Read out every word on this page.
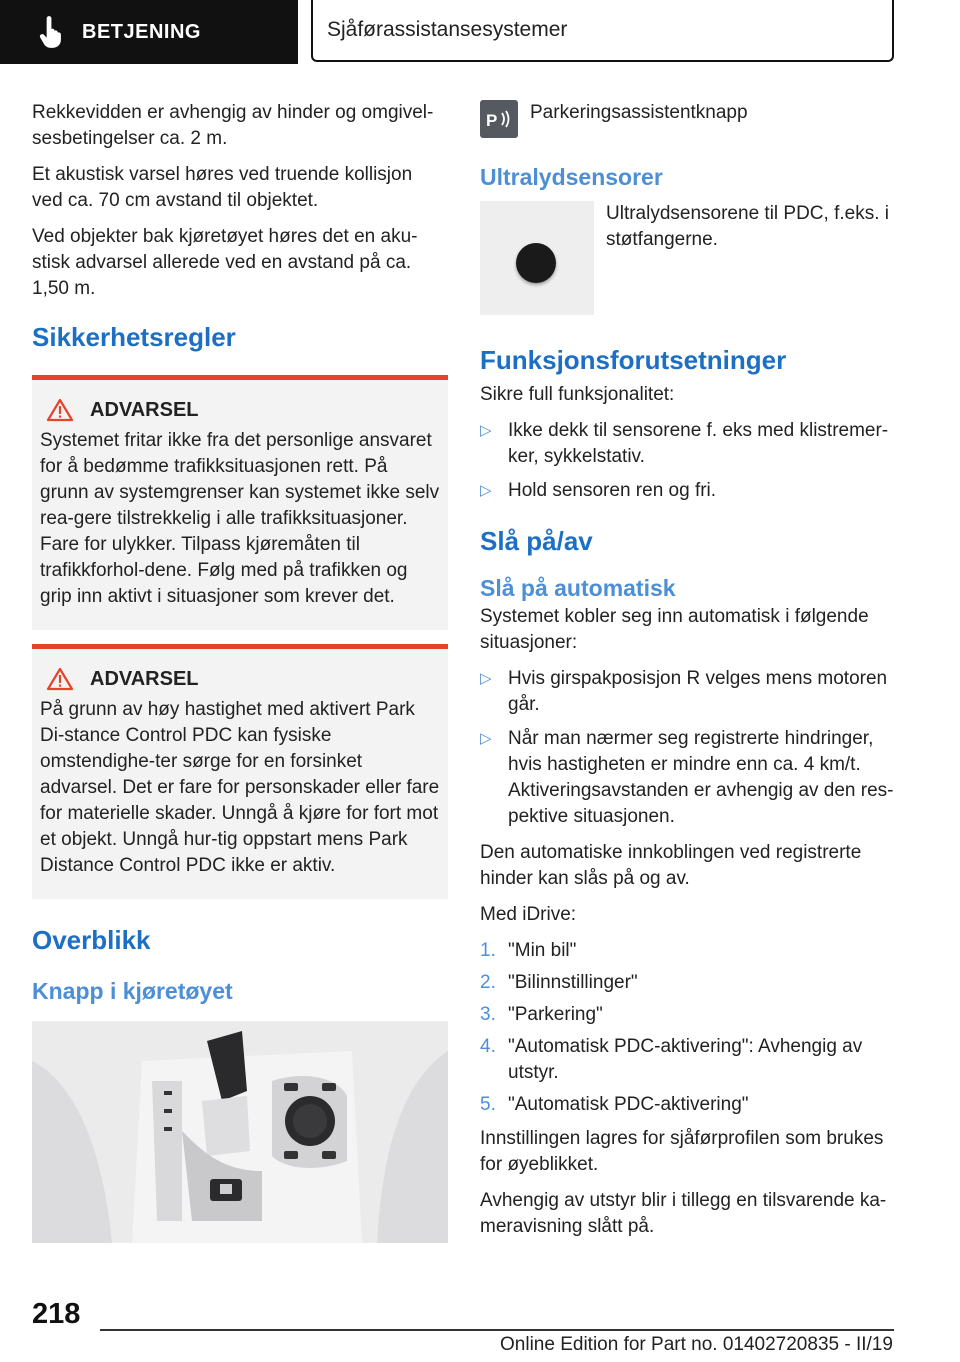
BETJENING	Sjåførassistansesystemer

Rekkevidden er avhengig av hinder og omgivel-sesbetingelser ca. 2 m.

Et akustisk varsel høres ved truende kollisjon ved ca. 70 cm avstand til objektet.

Ved objekter bak kjøretøyet høres det en aku-stisk advarsel allerede ved en avstand på ca. 1,50 m.

Sikkerhetsregler
ADVARSEL

Systemet fritar ikke fra det personlige ansvaret for å bedømme trafikksituasjonen rett. På grunn av systemgrenser kan systemet ikke selv rea-gere tilstrekkelig i alle trafikksituasjoner. Fare for ulykker. Tilpass kjøremåten til trafikkforhol-dene. Følg med på trafikken og grip inn aktivt i situasjoner som krever det.

ADVARSEL

På grunn av høy hastighet med aktivert Park Di-stance Control PDC kan fysiske omstendighe-ter sørge for en forsinket advarsel. Det er fare for personskader eller fare for materielle skader. Unngå å kjøre for fort mot et objekt. Unngå hur-tig oppstart mens Park Distance Control PDC ikke er aktiv.

Overblikk
Knapp i kjøretøyet
P Parkeringsassistentknapp
Ultralydsensorer
Ultralydsensorene til PDC, f.eks. i støtfangerne.
Funksjonsforutsetninger

Sikre full funksjonalitet:

▷ Ikke dekk til sensorene f. eks med klistremer-ker, sykkelstativ.
▷ Hold sensoren ren og fri.
Slå på/av
Slå på automatisk

Systemet kobler seg inn automatisk i følgende situasjoner:

▷ Hvis girspakposisjon R velges mens motoren går.
▷ Når man nærmer seg registrerte hindringer, hvis hastigheten er mindre enn ca. 4 km/t. Aktiveringsavstanden er avhengig av den res-pektive situasjonen.

Den automatiske innkoblingen ved registrerte hinder kan slås på og av.

Med iDrive:

1. "Min bil"
2. "Bilinnstillinger"
3. "Parkering"
4. "Automatisk PDC-aktivering": Avhengig av utstyr.
5. "Automatisk PDC-aktivering"

Innstillingen lagres for sjåførprofilen som brukes for øyeblikket.

Avhengig av utstyr blir i tillegg en tilsvarende ka-meravisning slått på.

218
Online Edition for Part no. 01402720835 - II/19
